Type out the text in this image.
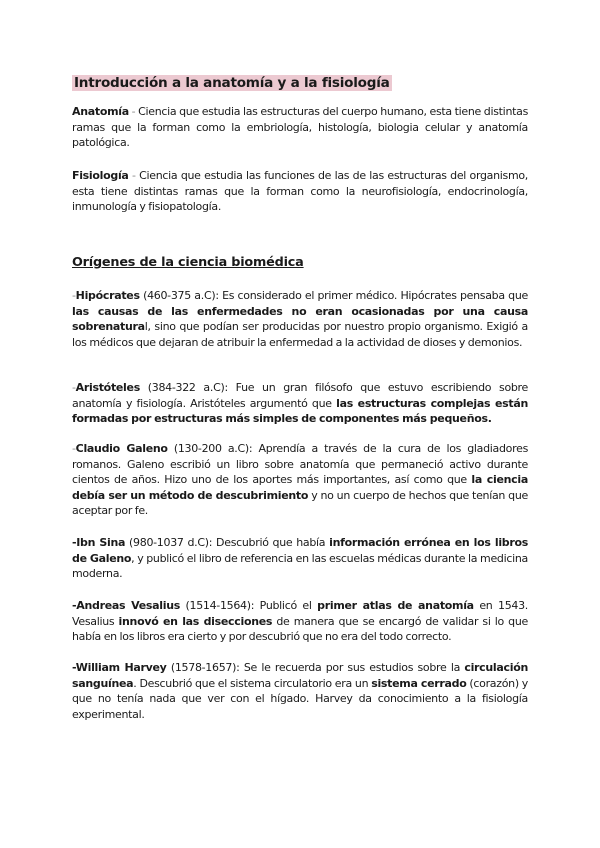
Introducción a la anatomía y a la fisiología

Anatomía - Ciencia que estudia las estructuras del cuerpo humano, esta tiene distintas ramas que la forman como la embriología, histología, biologia celular y anatomía patológica.

Fisiología - Ciencia que estudia las funciones de las de las estructuras del organismo, esta tiene distintas ramas que la forman como la neurofisiología, endocrinología, inmunología y fisiopatología.

Orígenes de la ciencia biomédica

-Hipócrates (460-375 a.C): Es considerado el primer médico. Hipócrates pensaba que las causas de las enfermedades no eran ocasionadas por una causa sobrenatural, sino que podían ser producidas por nuestro propio organismo. Exigió a los médicos que dejaran de atribuir la enfermedad a la actividad de dioses y demonios.

-Aristóteles (384-322 a.C): Fue un gran filósofo que estuvo escribiendo sobre anatomía y fisiología. Aristóteles argumentó que las estructuras complejas están formadas por estructuras más simples de componentes más pequeños.

-Claudio Galeno (130-200 a.C): Aprendía a través de la cura de los gladiadores romanos. Galeno escribió un libro sobre anatomía que permaneció activo durante cientos de años. Hizo uno de los aportes más importantes, así como que la ciencia debía ser un método de descubrimiento y no un cuerpo de hechos que tenían que aceptar por fe.

-Ibn Sina (980-1037 d.C): Descubrió que había información errónea en los libros de Galeno, y publicó el libro de referencia en las escuelas médicas durante la medicina moderna.

-Andreas Vesalius (1514-1564): Publicó el primer atlas de anatomía en 1543. Vesalius innovó en las disecciones de manera que se encargó de validar si lo que había en los libros era cierto y por descubrió que no era del todo correcto.

-William Harvey (1578-1657): Se le recuerda por sus estudios sobre la circulación sanguínea. Descubrió que el sistema circulatorio era un sistema cerrado (corazón) y que no tenía nada que ver con el hígado. Harvey da conocimiento a la fisiología experimental.
